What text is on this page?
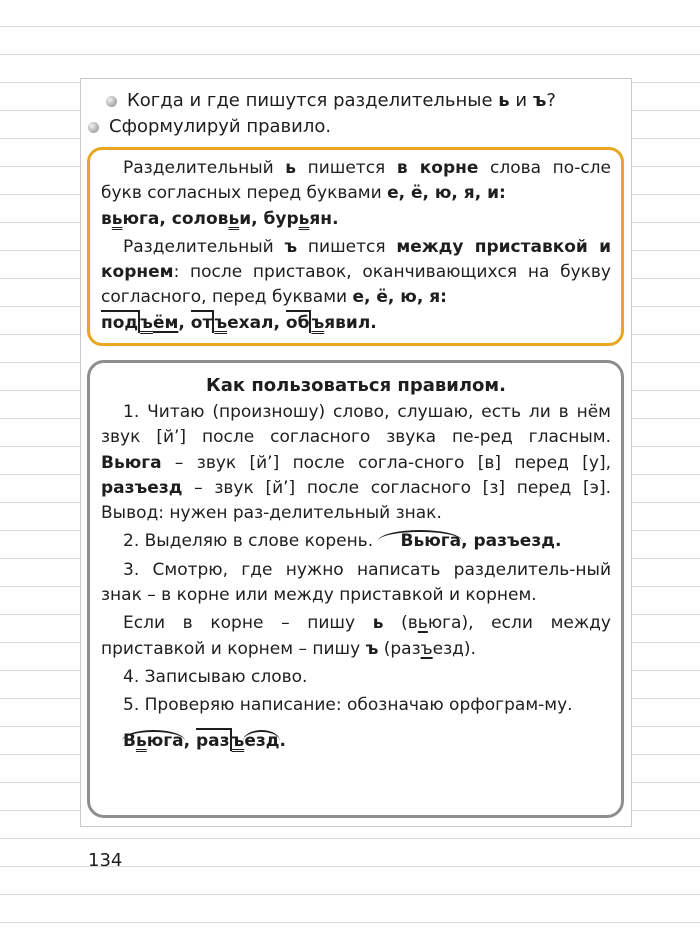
Когда и где пишутся разделительные ь и ъ?
Сформулируй правило.

Разделительный ь пишется в корне слова по-сле букв согласных перед буквами е, ё, ю, я, и:

вьюга, соловьи, бурьян.

Разделительный ъ пишется между приставкой и корнем: после приставок, оканчивающихся на букву согласного, перед буквами е, ё, ю, я:

под ъём, от ъехал, об ъявил.

Как пользоваться правилом.

1. Читаю (произношу) слово, слушаю, есть ли в нём звук [й’] после согласного звука пе-ред гласным. Вьюга – звук [й’] после согла-сного [в] перед [у], разъезд – звук [й’] после согласного [з] перед [э]. Вывод: нужен раз-делительный знак.

2. Выделяю в слове корень. Вьюга, разъезд.

3. Смотрю, где нужно написать разделитель-ный знак – в корне или между приставкой и корнем.

Если в корне – пишу ь (вьюга), если между приставкой и корнем – пишу ъ (разъезд).

4. Записываю слово.

5. Проверяю написание: обозначаю орфограм-му.

Вьюга, раз ъезд.

134
